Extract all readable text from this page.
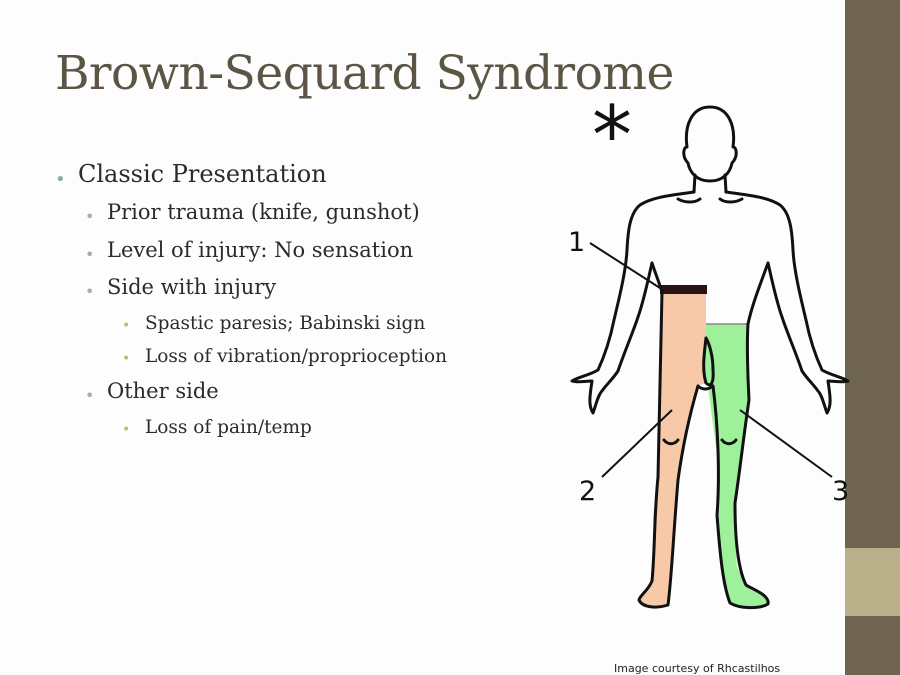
Brown-Sequard Syndrome
• Classic Presentation
• Prior trauma (knife, gunshot)
• Level of injury: No sensation
• Side with injury
• Spastic paresis; Babinski sign
• Loss of vibration/proprioception
• Other side
• Loss of pain/temp
*
1
2	3
Image courtesy of Rhcastilhos
